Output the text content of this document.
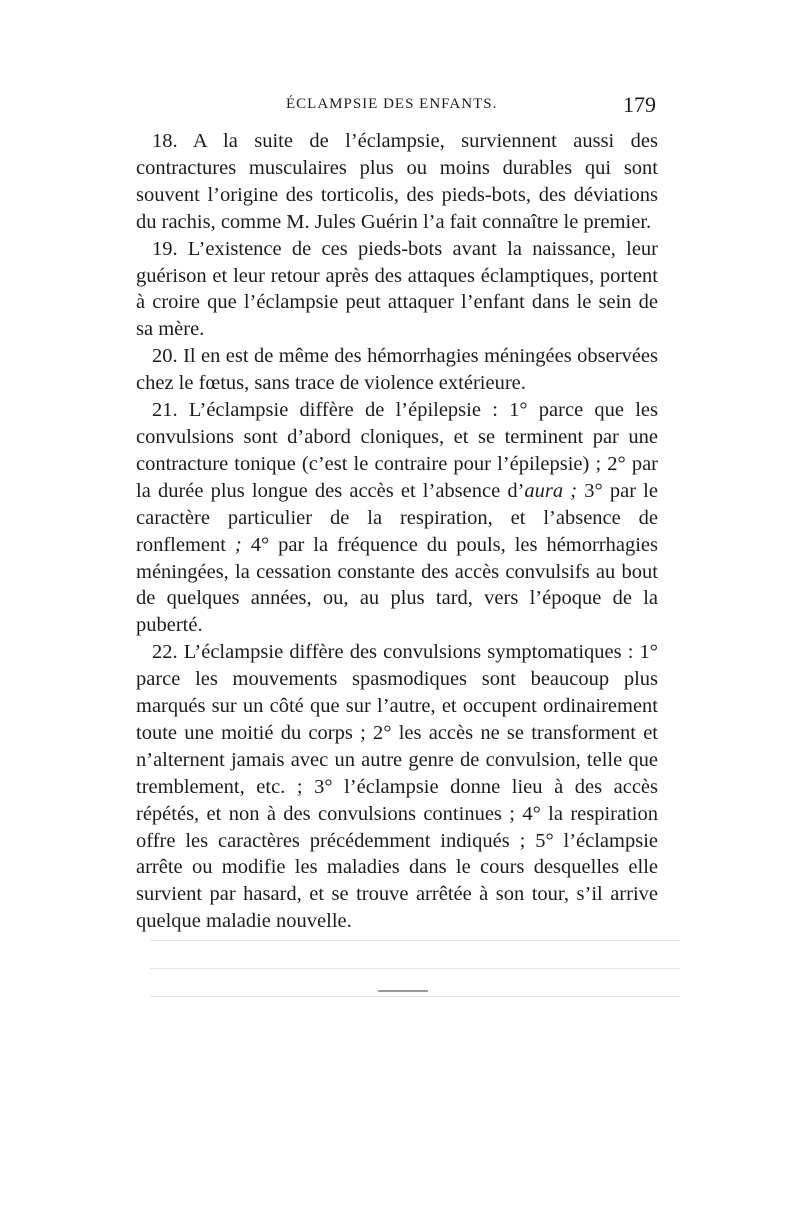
ÉCLAMPSIE DES ENFANTS.	179

18. A la suite de l’éclampsie, surviennent aussi des contractures musculaires plus ou moins durables qui sont souvent l’origine des torticolis, des pieds-bots, des déviations du rachis, comme M. Jules Guérin l’a fait connaître le premier.

19. L’existence de ces pieds-bots avant la naissance, leur guérison et leur retour après des attaques éclamptiques, portent à croire que l’éclampsie peut attaquer l’enfant dans le sein de sa mère.

20. Il en est de même des hémorrhagies méningées observées chez le fœtus, sans trace de violence extérieure.

21. L’éclampsie diffère de l’épilepsie : 1° parce que les convulsions sont d’abord cloniques, et se terminent par une contracture tonique (c’est le contraire pour l’épilepsie) ; 2° par la durée plus longue des accès et l’absence d’aura ; 3° par le caractère particulier de la respiration, et l’absence de ronflement ; 4° par la fréquence du pouls, les hémorrhagies méningées, la cessation constante des accès convulsifs au bout de quelques années, ou, au plus tard, vers l’époque de la puberté.

22. L’éclampsie diffère des convulsions symptomatiques : 1° parce les mouvements spasmodiques sont beaucoup plus marqués sur un côté que sur l’autre, et occupent ordinairement toute une moitié du corps ; 2° les accès ne se transforment et n’alternent jamais avec un autre genre de convulsion, telle que tremblement, etc. ; 3° l’éclampsie donne lieu à des accès répétés, et non à des convulsions continues ; 4° la respiration offre les caractères précédemment indiqués ; 5° l’éclampsie arrête ou modifie les maladies dans le cours desquelles elle survient par hasard, et se trouve arrêtée à son tour, s’il arrive quelque maladie nouvelle.
